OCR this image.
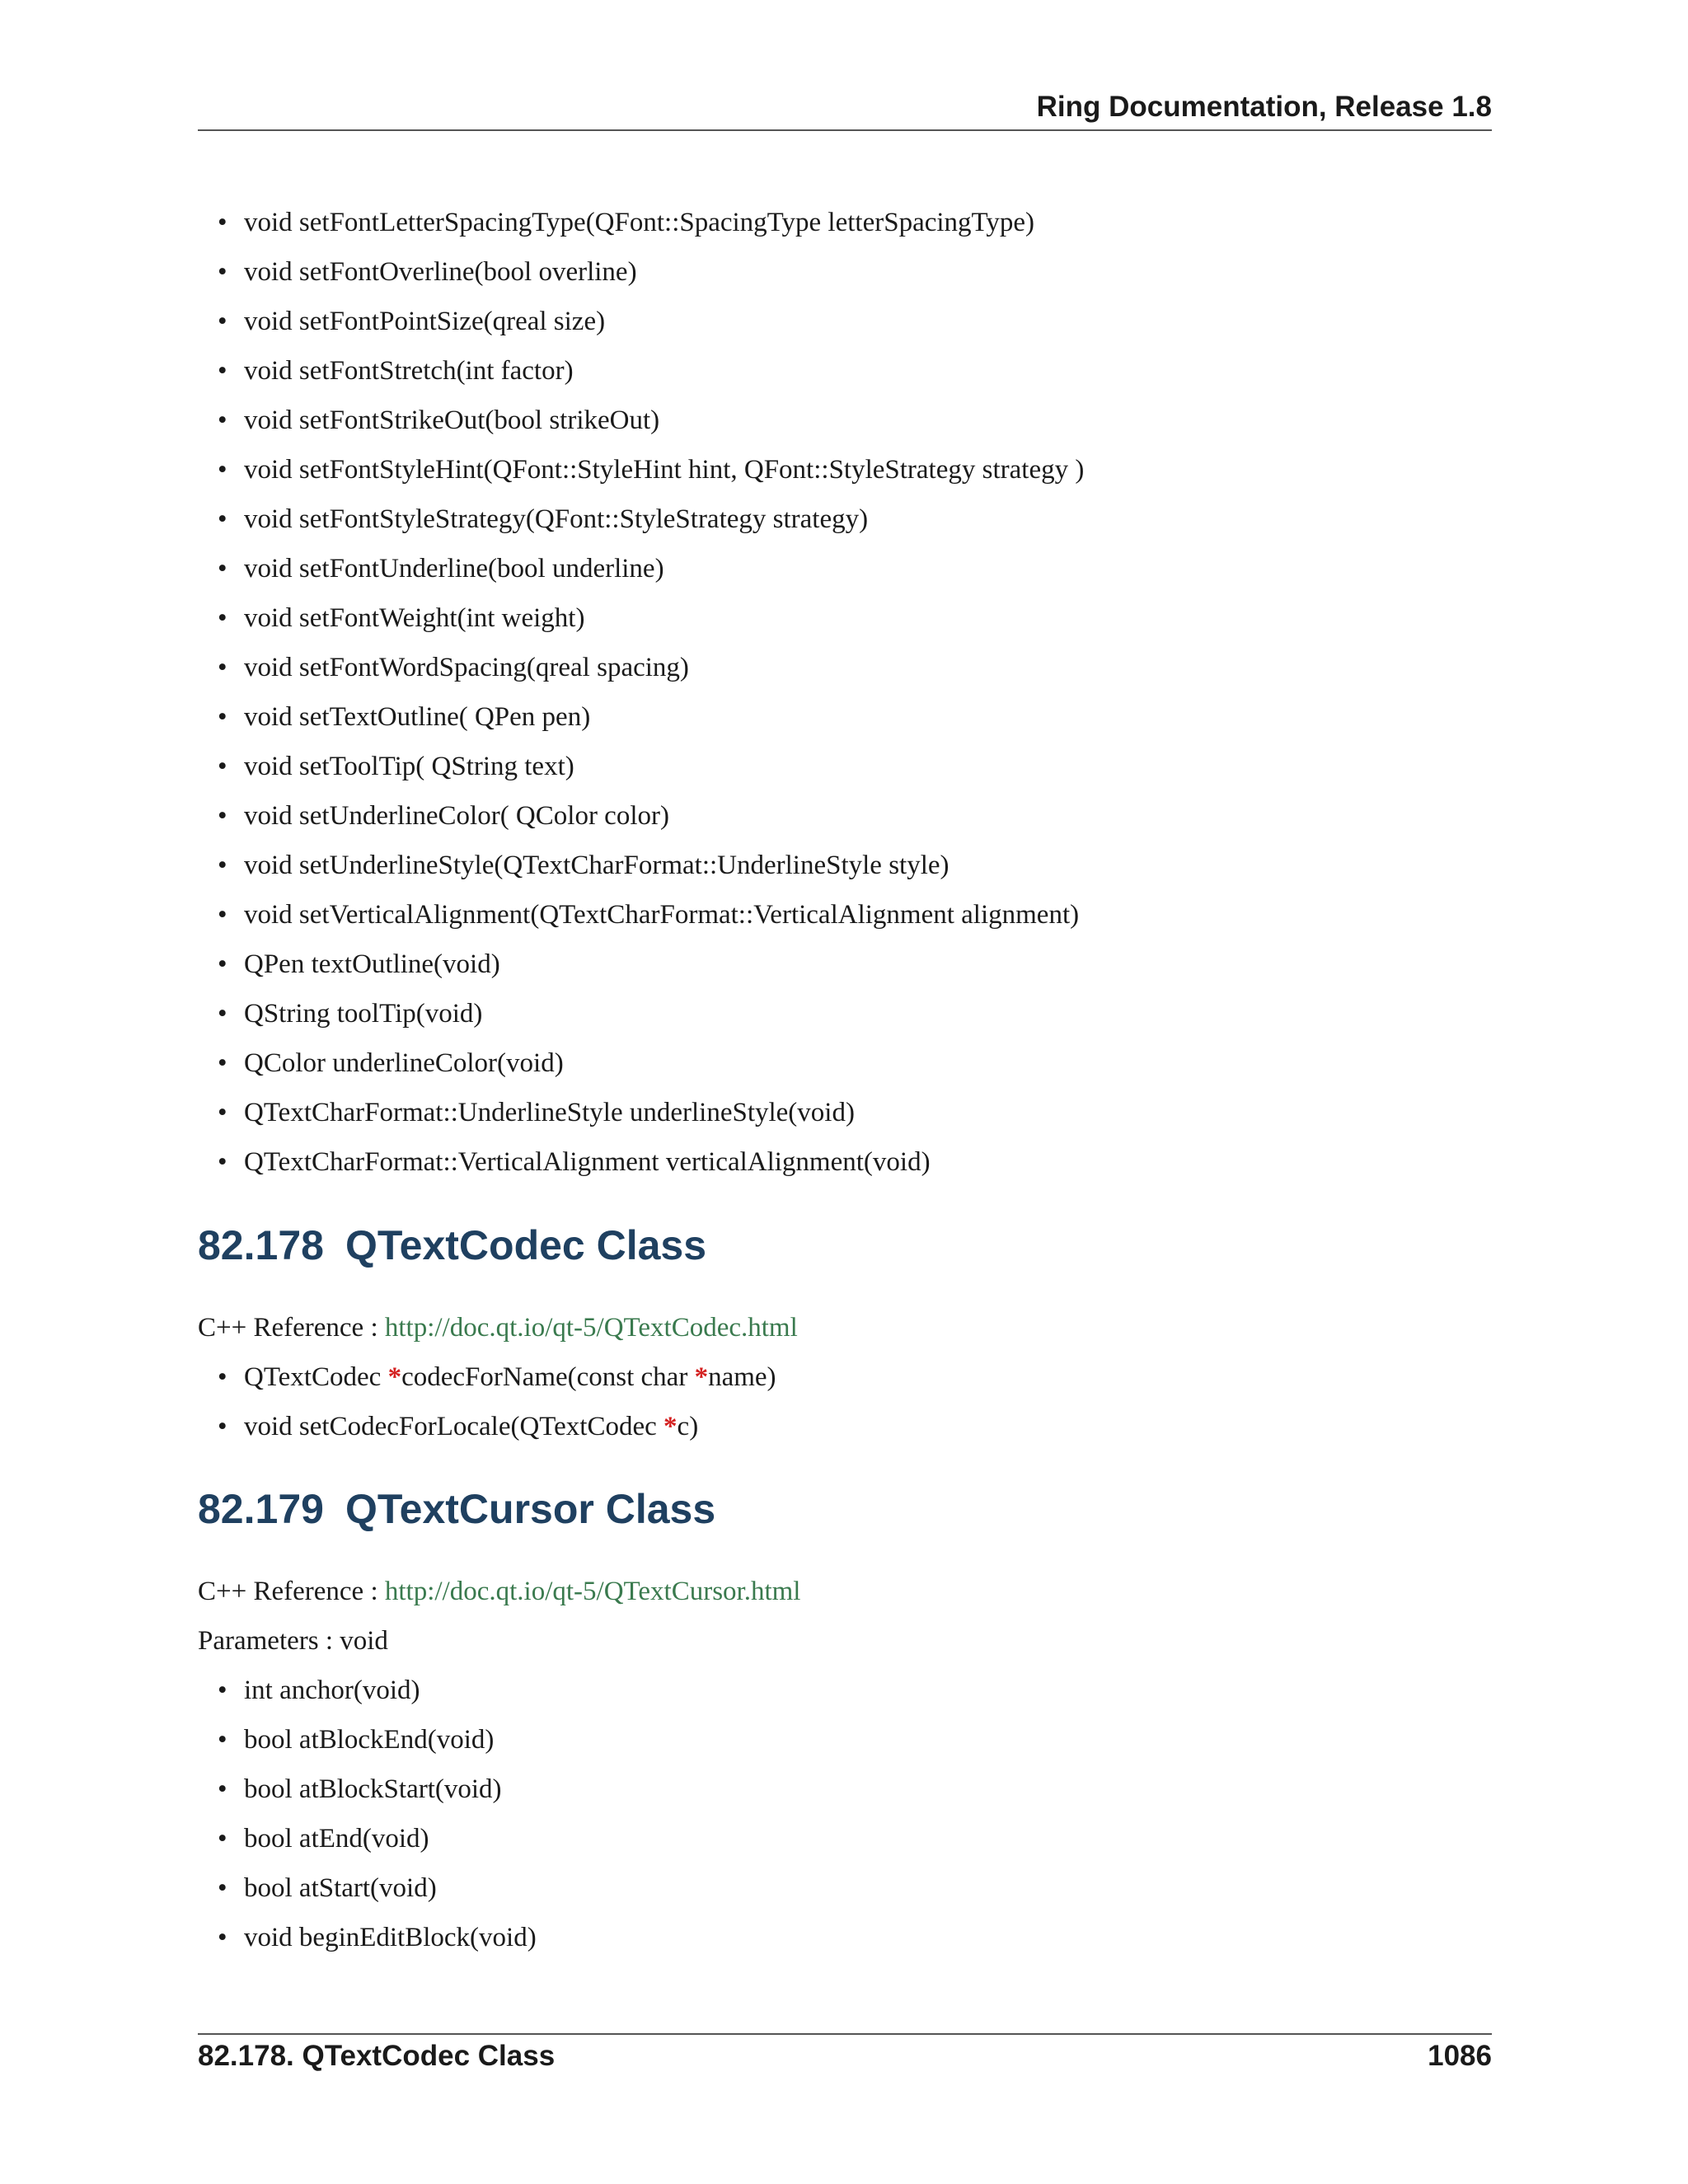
Ring Documentation, Release 1.8
• void setFontLetterSpacingType(QFont::SpacingType letterSpacingType)
• void setFontOverline(bool overline)
• void setFontPointSize(qreal size)
• void setFontStretch(int factor)
• void setFontStrikeOut(bool strikeOut)
• void setFontStyleHint(QFont::StyleHint hint, QFont::StyleStrategy strategy )
• void setFontStyleStrategy(QFont::StyleStrategy strategy)
• void setFontUnderline(bool underline)
• void setFontWeight(int weight)
• void setFontWordSpacing(qreal spacing)
• void setTextOutline( QPen pen)
• void setToolTip( QString text)
• void setUnderlineColor( QColor color)
• void setUnderlineStyle(QTextCharFormat::UnderlineStyle style)
• void setVerticalAlignment(QTextCharFormat::VerticalAlignment alignment)
• QPen textOutline(void)
• QString toolTip(void)
• QColor underlineColor(void)
• QTextCharFormat::UnderlineStyle underlineStyle(void)
• QTextCharFormat::VerticalAlignment verticalAlignment(void)
82.178 QTextCodec Class

C++ Reference : http://doc.qt.io/qt-5/QTextCodec.html

• QTextCodec *codecForName(const char *name)
• void setCodecForLocale(QTextCodec *c)
82.179 QTextCursor Class

C++ Reference : http://doc.qt.io/qt-5/QTextCursor.html

Parameters : void

• int anchor(void)
• bool atBlockEnd(void)
• bool atBlockStart(void)
• bool atEnd(void)
• bool atStart(void)
• void beginEditBlock(void)
82.178. QTextCodec Class	1086
